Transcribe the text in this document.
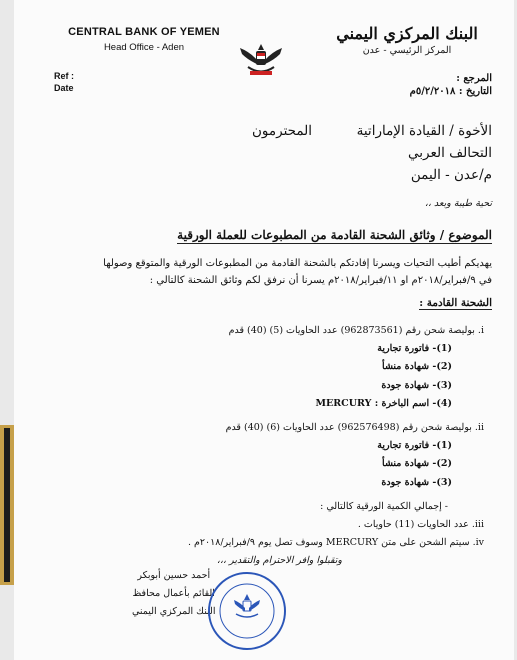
CENTRAL BANK OF YEMEN
Head Office - Aden
البنك المركزي اليمني
المركز الرئيسي - عدن
Ref :
Date
المرجع :
التاريخ : ٥/٢/٢٠١٨م
الأخوة / القيادة الإماراتية
المحترمون
التحالف العربي
م/عدن - اليمن
تحية طيبة وبعد ،،
الموضوع / وثائق الشحنة القادمة من المطبوعات للعملة الورقية
يهديكم أطيب التحيات ويسرنا إفادتكم بالشحنة القادمة من المطبوعات الورقية والمتوقع وصولها
في ٩/فبراير/٢٠١٨م او ١١/فبراير/٢٠١٨م يسرنا أن نرفق لكم وثائق الشحنة كالتالي :
الشحنة القادمة :
i. بوليصة شحن رقم (962873561) عدد الحاويات (5) (40) قدم
(1)- فاتورة تجارية
(2)- شهادة منشأ
(3)- شهادة جودة
(4)- اسم الباخرة : MERCURY
ii. بوليصة شحن رقم (962576498) عدد الحاويات (6) (40) قدم
(1)- فاتورة تجارية
(2)- شهادة منشأ
(3)- شهادة جودة
- إجمالي الكمية الورقية كالتالي :
iii. عدد الحاويات (11) حاويات .
iv. سيتم الشحن على متن MERCURY وسوف تصل يوم ٩/فبراير/٢٠١٨م .
وتقبلوا وافر الاحترام والتقدير ،،،
أحمد حسين أبوبكر
القائم بأعمال محافظ
البنك المركزي اليمني
